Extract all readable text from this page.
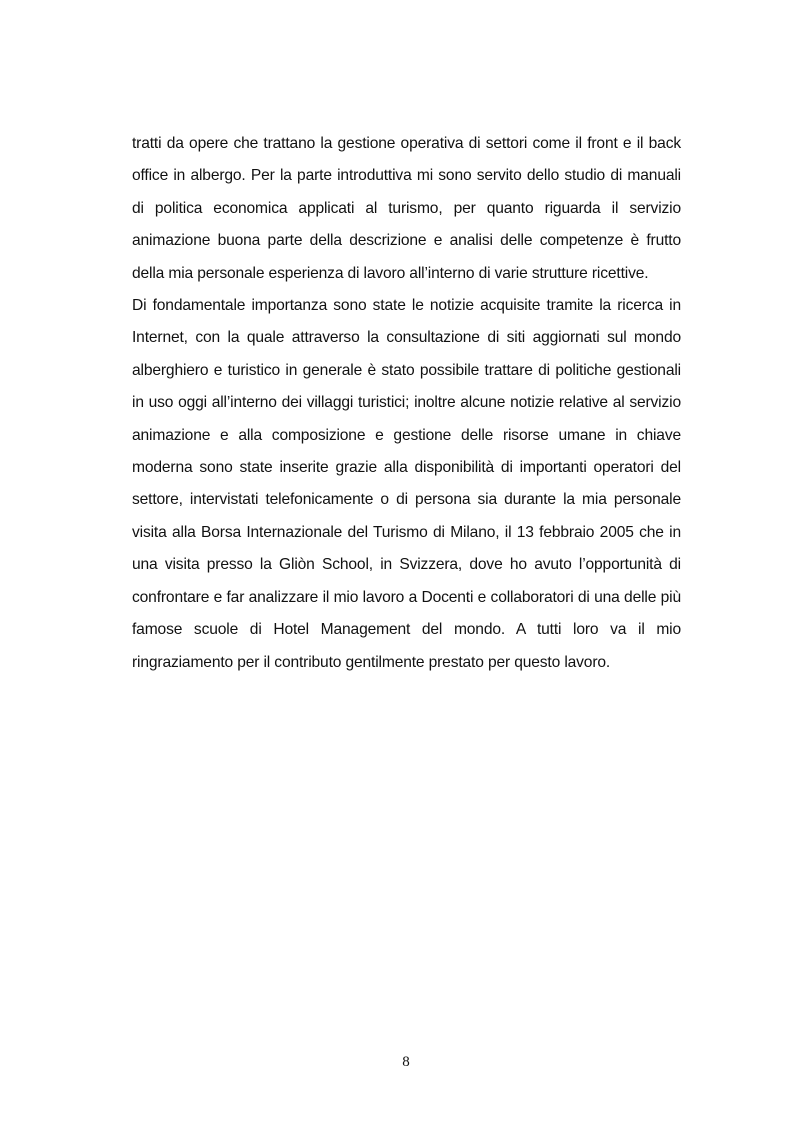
tratti da opere che trattano la gestione operativa di settori come il front e il back office in albergo. Per la parte introduttiva mi sono servito dello studio di manuali di politica economica applicati al turismo, per quanto riguarda il servizio animazione buona parte della descrizione e analisi delle competenze è frutto della mia personale esperienza di lavoro all’interno di varie strutture ricettive.

Di fondamentale importanza sono state le notizie acquisite tramite la ricerca in Internet, con la quale attraverso la consultazione di siti aggiornati sul mondo alberghiero e turistico in generale è stato possibile trattare di politiche gestionali in uso oggi all’interno dei villaggi turistici; inoltre alcune notizie relative al servizio animazione e alla composizione e gestione delle risorse umane in chiave moderna sono state inserite grazie alla disponibilità di importanti operatori del settore, intervistati telefonicamente o di persona sia durante la mia personale visita alla Borsa Internazionale del Turismo di Milano, il 13 febbraio 2005 che in una visita presso la Gliòn School, in Svizzera, dove ho avuto l’opportunità di confrontare e far analizzare il mio lavoro a Docenti e collaboratori di una delle più famose scuole di Hotel Management del mondo. A tutti loro va il mio ringraziamento per il contributo gentilmente prestato per questo lavoro.

8
